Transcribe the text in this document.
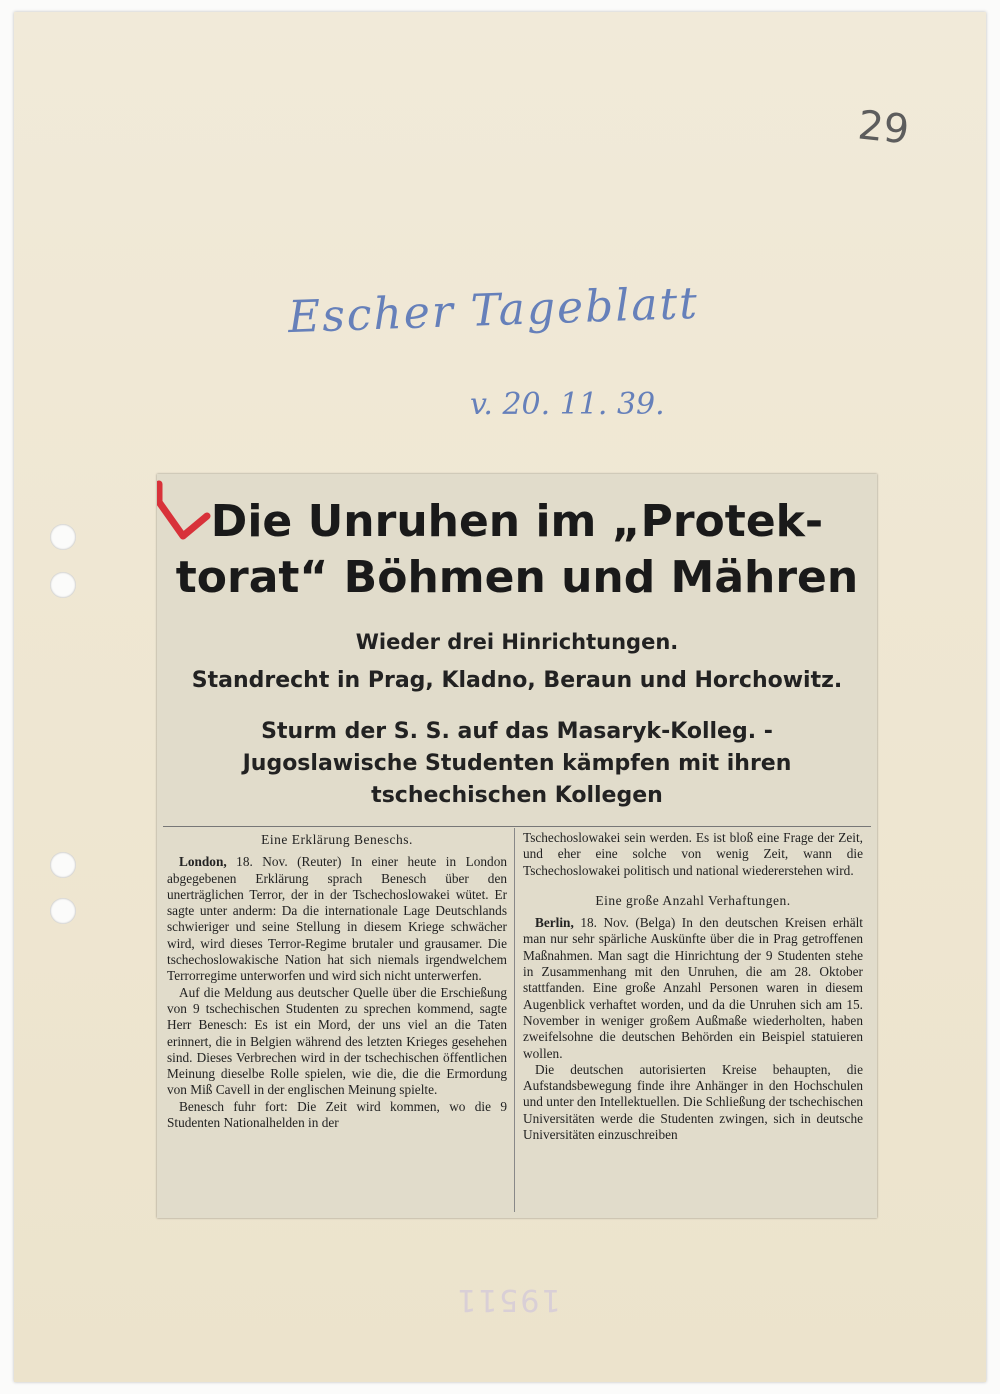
29
Escher Tageblatt
v. 20. 11. 39.
19511
Die Unruhen im „Protek-
torat“ Böhmen und Mähren
Wieder drei Hinrichtungen.
Standrecht in Prag, Kladno, Beraun und Horchowitz.
Sturm der S. S. auf das Masaryk-Kolleg. -
Jugoslawische Studenten kämpfen mit ihren
tschechischen Kollegen
Eine Erklärung Beneschs.

London, 18. Nov. (Reuter) In einer heute in London abgegebenen Erklärung sprach Benesch über den unerträglichen Terror, der in der Tschechoslowakei wütet. Er sagte unter anderm: Da die internationale Lage Deutschlands schwieriger und seine Stellung in diesem Kriege schwächer wird, wird dieses Terror-Regime brutaler und grausamer. Die tschechoslowakische Nation hat sich niemals irgendwelchem Terrorregime unterworfen und wird sich nicht unterwerfen.

Auf die Meldung aus deutscher Quelle über die Erschießung von 9 tschechischen Studenten zu sprechen kommend, sagte Herr Benesch: Es ist ein Mord, der uns viel an die Taten erinnert, die in Belgien während des letzten Krieges gesehehen sind. Dieses Verbrechen wird in der tschechischen öffentlichen Meinung dieselbe Rolle spielen, wie die, die die Ermordung von Miß Cavell in der englischen Meinung spielte.

Benesch fuhr fort: Die Zeit wird kommen, wo die 9 Studenten Nationalhelden in der

Tschechoslowakei sein werden. Es ist bloß eine Frage der Zeit, und eher eine solche von wenig Zeit, wann die Tschechoslowakei politisch und national wiedererstehen wird.

Eine große Anzahl Verhaftungen.

Berlin, 18. Nov. (Belga) In den deutschen Kreisen erhält man nur sehr spärliche Auskünfte über die in Prag getroffenen Maßnahmen. Man sagt die Hinrichtung der 9 Studenten stehe in Zusammenhang mit den Unruhen, die am 28. Oktober stattfanden. Eine große Anzahl Personen waren in diesem Augenblick verhaftet worden, und da die Unruhen sich am 15. November in weniger großem Außmaße wiederholten, haben zweifelsohne die deutschen Behörden ein Beispiel statuieren wollen.

Die deutschen autorisierten Kreise behaupten, die Aufstandsbewegung finde ihre Anhänger in den Hochschulen und unter den Intellektuellen. Die Schließung der tschechischen Universitäten werde die Studenten zwingen, sich in deutsche Universitäten einzuschreiben
